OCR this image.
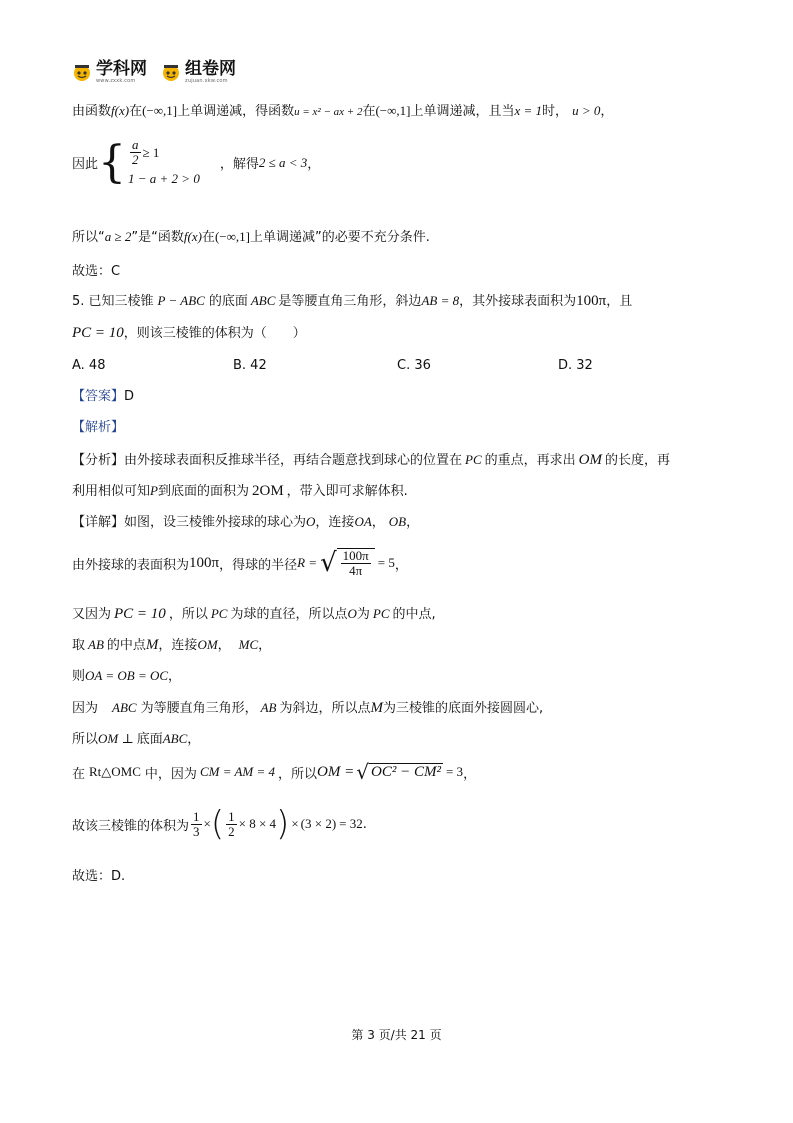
学科网
www.zxxk.com
组卷网
zujuan.xkw.com
由函数f(x)在(−∞,1]上单调递减，得函数u = x² − ax + 2在(−∞,1]上单调递减，且当x = 1时， u > 0，
因此 { $\frac{a}{2} \ge 1$
1 − a + 2 > 0
，解得 2 ≤ a < 3 ，
所以“a ≥ 2”是“函数f(x)在(−∞,1]上单调递减”的必要不充分条件.
故选：C
5. 已知三棱锥 P − ABC 的底面 ABC 是等腰直角三角形，斜边AB = 8，其外接球表面积为100π，且
PC = 10，则该三棱锥的体积为（　　）
A. 48	B. 42	C. 36	D. 32
【答案】D
【解析】
【分析】由外接球表面积反推球半径，再结合题意找到球心的位置在 PC 的重点，再求出 OM 的长度，再
利用相似可知P到底面的面积为 2OM ，带入即可求解体积.
【详解】如图，设三棱锥外接球的球心为O，连接OA， OB，
由外接球的表面积为 100π ，得球的半径 R = √ $\frac{100\pi}{4\pi} = 5$ ，
又因为 PC = 10 ，所以 PC 为球的直径，所以点O为 PC 的中点,
取 AB 的中点M，连接OM， MC，
则OA = OB = OC，
因为 ABC 为等腰直角三角形， AB 为斜边，所以点M为三棱锥的底面外接圆圆心,
所以OM ⊥ 底面ABC，
在 Rt△OMC 中，因为 CM = AM = 4 ，所以 OM = √ OC² − CM² = 3 ，
故该三棱锥的体积为 $\frac{1}{3}$ × ( $\frac{1}{2} \times 8 \times 4$ ) × (3 × 2) = 32 .
故选：D.
第 3 页/共 21 页
